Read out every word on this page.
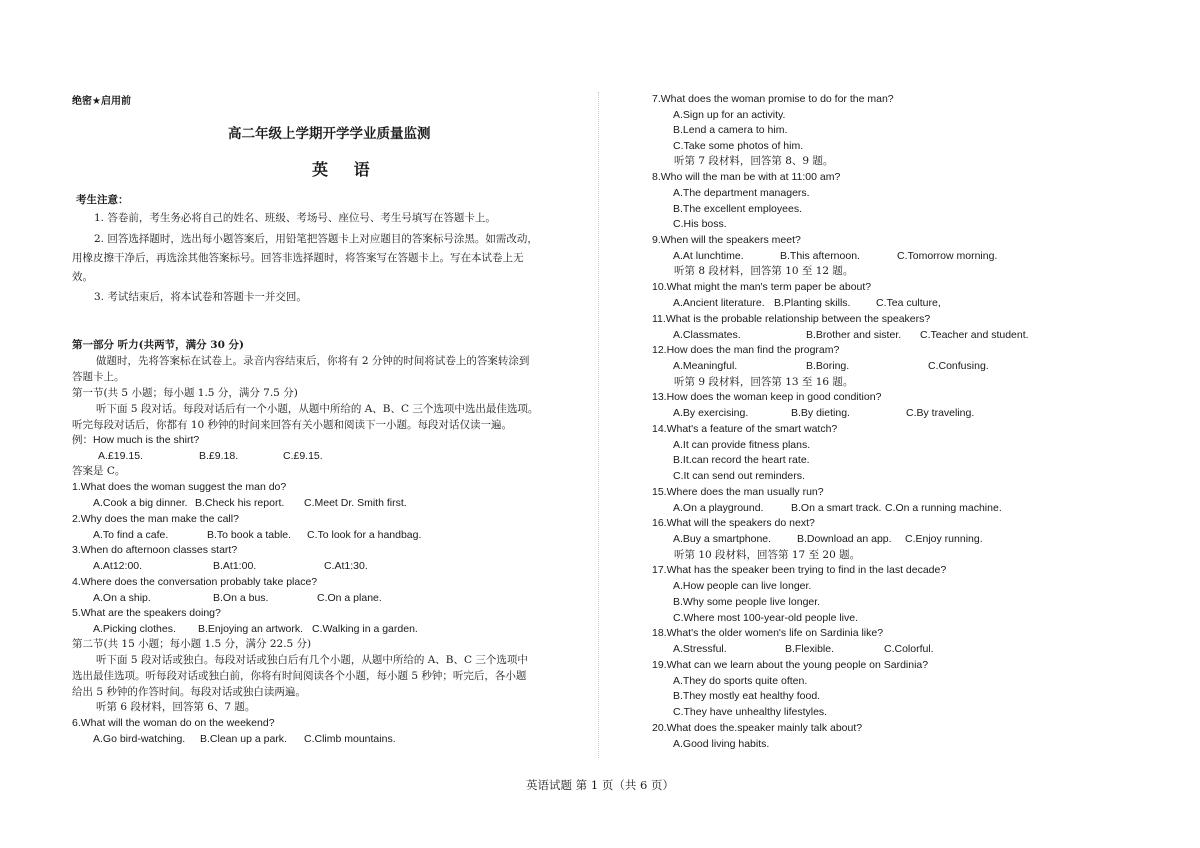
绝密★启用前
高二年级上学期开学学业质量监测
英 语
考生注意：
1. 答卷前，考生务必将自己的姓名、班级、考场号、座位号、考生号填写在答题卡上。
2. 回答选择题时，选出每小题答案后，用铅笔把答题卡上对应题目的答案标号涂黑。如需改动，
用橡皮擦干净后，再选涂其他答案标号。回答非选择题时，将答案写在答题卡上。写在本试卷上无
效。
3. 考试结束后，将本试卷和答题卡一并交回。
第一部分 听力(共两节，满分 30 分)
做题时，先将答案标在试卷上。录音内容结束后，你将有 2 分钟的时间将试卷上的答案转涂到
答题卡上。
第一节(共 5 小题；每小题 1.5 分，满分 7.5 分)
听下面 5 段对话。每段对话后有一个小题，从题中所给的 A、B、C 三个选项中选出最佳选项。
听完每段对话后，你都有 10 秒钟的时间来回答有关小题和阅读下一小题。每段对话仅读一遍。
例：How much is the shirt?
A.£19.15.	B.£9.18.	C.£9.15.
答案是 C。
1.What does the woman suggest the man do?
A.Cook a big dinner. B.Check his report. C.Meet Dr. Smith first.
2.Why does the man make the call?
A.To find a cafe.	B.To book a table. C.To look for a handbag.
3.When do afternoon classes start?
A.At12:00.	B.At1:00.	C.At1:30.
4.Where does the conversation probably take place?
A.On a ship.	B.On a bus.	C.On a plane.
5.What are the speakers doing?
A.Picking clothes. B.Enjoying an artwork. C.Walking in a garden.
第二节(共 15 小题；每小题 1.5 分，满分 22.5 分)
听下面 5 段对话或独白。每段对话或独白后有几个小题，从题中所给的 A、B、C 三个选项中
选出最佳选项。听每段对话或独白前，你将有时间阅读各个小题，每小题 5 秒钟；听完后，各小题
给出 5 秒钟的作答时间。每段对话或独白读两遍。
听第 6 段材料，回答第 6、7 题。
6.What will the woman do on the weekend?
A.Go bird-watching. B.Clean up a park. C.Climb mountains.
7.What does the woman promise to do for the man?
A.Sign up for an activity.
B.Lend a camera to him.
C.Take some photos of him.
听第 7 段材料，回答第 8、9 题。
8.Who will the man be with at 11:00 am?
A.The department managers.
B.The excellent employees.
C.His boss.
9.When will the speakers meet?
A.At lunchtime.	B.This afternoon.	C.Tomorrow morning.
听第 8 段材料，回答第 10 至 12 题。
10.What might the man's term paper be about?
A.Ancient literature. B.Planting skills. C.Tea culture,
11.What is the probable relationship between the speakers?
A.Classmates.	B.Brother and sister. C.Teacher and student.
12.How does the man find the program?
A.Meaningful.	B.Boring.	C.Confusing.
听第 9 段材料，回答第 13 至 16 题。
13.How does the woman keep in good condition?
A.By exercising.	B.By dieting.	C.By traveling.
14.What's a feature of the smart watch?
A.It can provide fitness plans.
B.It.can record the heart rate.
C.It can send out reminders.
15.Where does the man usually run?
A.On a playground.	B.On a smart track. C.On a running machine.
16.What will the speakers do next?
A.Buy a smartphone. B.Download an app. C.Enjoy running.
听第 10 段材料，回答第 17 至 20 题。
17.What has the speaker been trying to find in the last decade?
A.How people can live longer.
B.Why some people live longer.
C.Where most 100-year-old people live.
18.What's the older women's life on Sardinia like?
A.Stressful.	B.Flexible.	C.Colorful.
19.What can we learn about the young people on Sardinia?
A.They do sports quite often.
B.They mostly eat healthy food.
C.They have unhealthy lifestyles.
20.What does the.speaker mainly talk about?
A.Good living habits.
英语试题 第 1 页（共 6 页）
